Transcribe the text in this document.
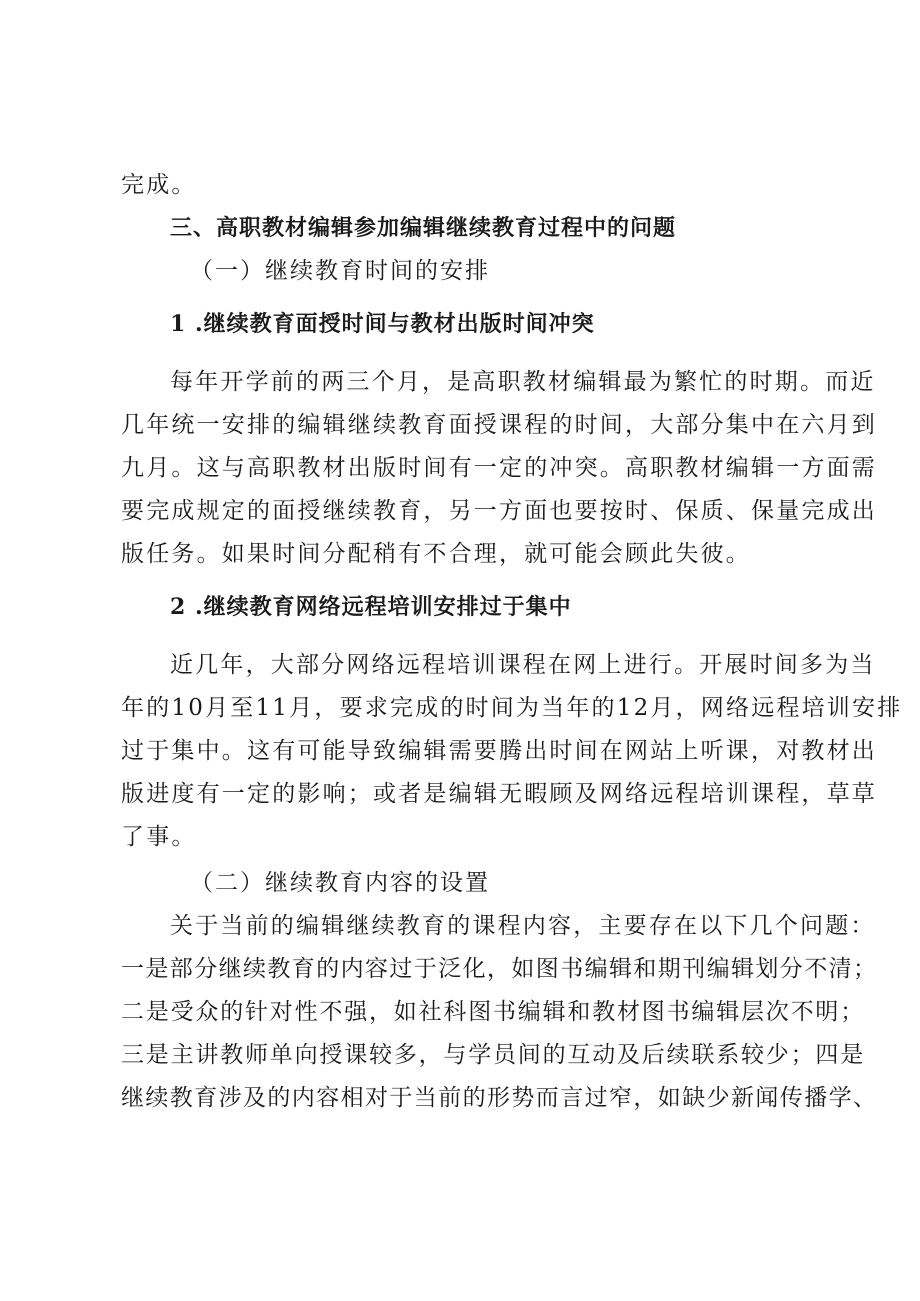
完成。
三、高职教材编辑参加编辑继续教育过程中的问题
（一）继续教育时间的安排
1 .继续教育面授时间与教材出版时间冲突
每年开学前的两三个月，是高职教材编辑最为繁忙的时期。而近
几年统一安排的编辑继续教育面授课程的时间，大部分集中在六月到
九月。这与高职教材出版时间有一定的冲突。高职教材编辑一方面需
要完成规定的面授继续教育，另一方面也要按时、保质、保量完成出
版任务。如果时间分配稍有不合理，就可能会顾此失彼。
2 .继续教育网络远程培训安排过于集中
近几年，大部分网络远程培训课程在网上进行。开展时间多为当
年的10月至11月，要求完成的时间为当年的12月，网络远程培训安排
过于集中。这有可能导致编辑需要腾出时间在网站上听课，对教材出
版进度有一定的影响；或者是编辑无暇顾及网络远程培训课程，草草
了事。
（二）继续教育内容的设置
关于当前的编辑继续教育的课程内容，主要存在以下几个问题：
一是部分继续教育的内容过于泛化，如图书编辑和期刊编辑划分不清；
二是受众的针对性不强，如社科图书编辑和教材图书编辑层次不明；
三是主讲教师单向授课较多，与学员间的互动及后续联系较少；四是
继续教育涉及的内容相对于当前的形势而言过窄，如缺少新闻传播学、
